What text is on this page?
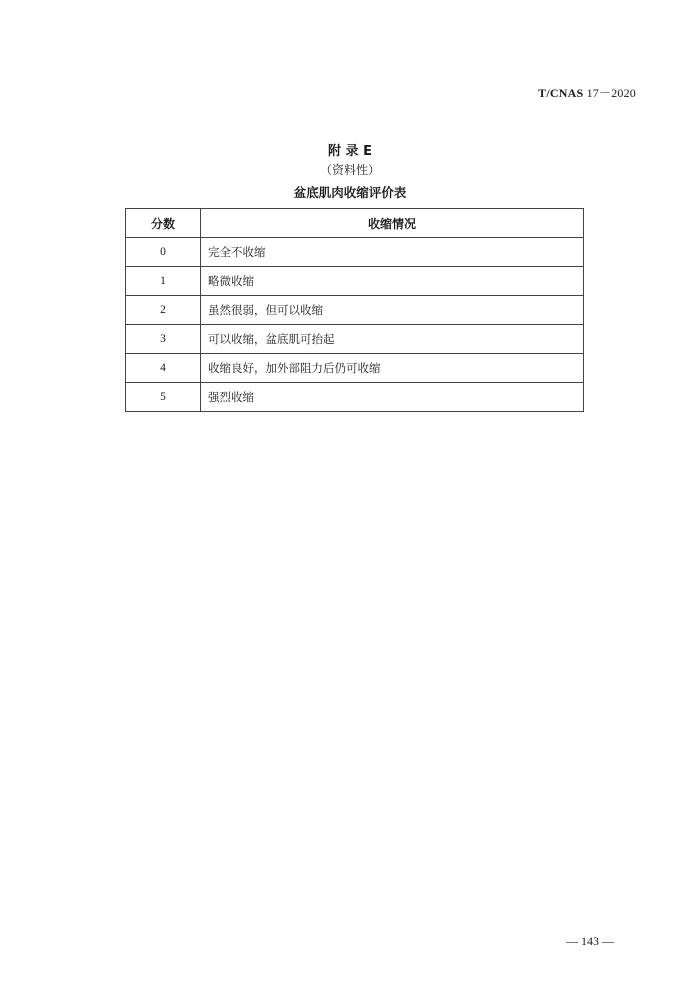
T/CNAS 17－2020
附 录 E
（资料性）
盆底肌肉收缩评价表
分数	收缩情况
0	完全不收缩
1	略微收缩
2	虽然很弱，但可以收缩
3	可以收缩，盆底肌可抬起
4	收缩良好，加外部阻力后仍可收缩
5	强烈收缩
— 143 —
